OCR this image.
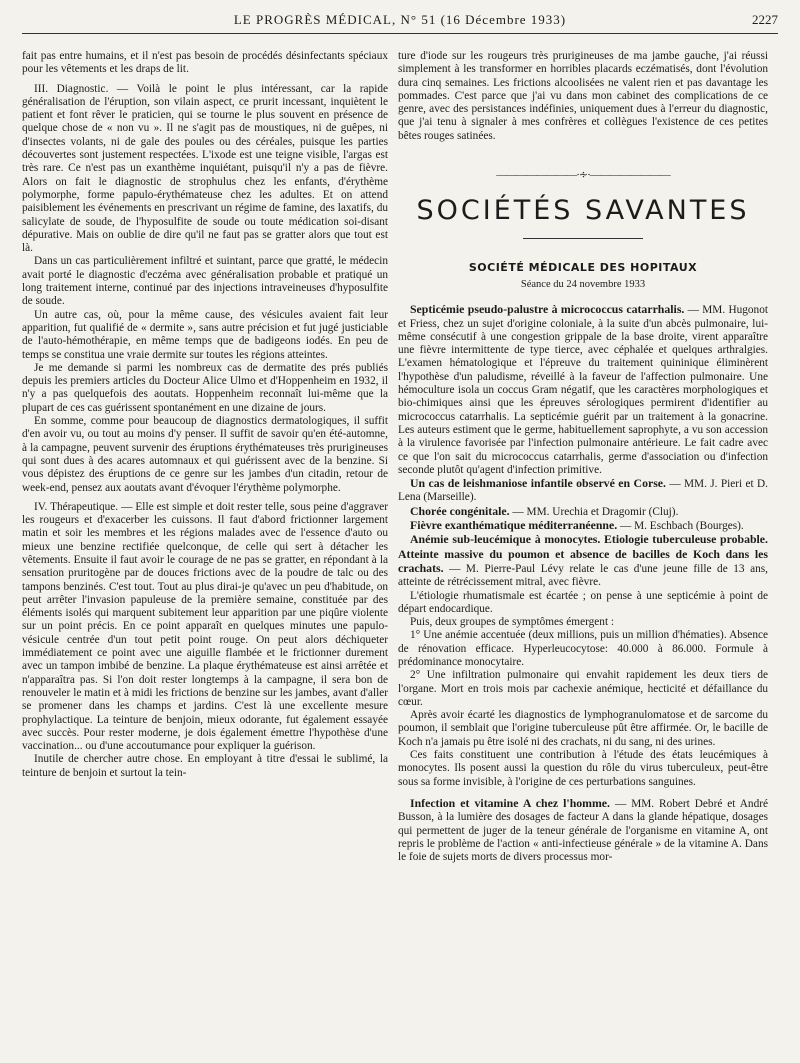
LE PROGRÈS MÉDICAL, N° 51 (16 Décembre 1933)	2227

fait pas entre humains, et il n'est pas besoin de procédés désinfectants spéciaux pour les vêtements et les draps de lit.

III. Diagnostic. — Voilà le point le plus intéressant, car la rapide généralisation de l'éruption, son vilain aspect, ce prurit incessant, inquiètent le patient et font rêver le praticien, qui se tourne le plus souvent en présence de quelque chose de « non vu ». Il ne s'agit pas de moustiques, ni de guêpes, ni d'insectes volants, ni de gale des poules ou des céréales, puisque les parties découvertes sont justement respectées. L'ixode est une teigne visible, l'argas est très rare. Ce n'est pas un exanthème inquiétant, puisqu'il n'y a pas de fièvre. Alors on fait le diagnostic de strophulus chez les enfants, d'érythème polymorphe, forme papulo-érythémateuse chez les adultes. Et on attend paisiblement les événements en prescrivant un régime de famine, des laxatifs, du salicylate de soude, de l'hyposulfite de soude ou toute médication soi-disant dépurative. Mais on oublie de dire qu'il ne faut pas se gratter alors que tout est là.

Dans un cas particulièrement infiltré et suintant, parce que gratté, le médecin avait porté le diagnostic d'eczéma avec généralisation probable et pratiqué un long traitement interne, continué par des injections intraveineuses d'hyposulfite de soude.

Un autre cas, où, pour la même cause, des vésicules avaient fait leur apparition, fut qualifié de « dermite », sans autre précision et fut jugé justiciable de l'auto-hémothérapie, en même temps que de badigeons iodés. En peu de temps se constitua une vraie dermite sur toutes les régions atteintes.

Je me demande si parmi les nombreux cas de dermatite des prés publiés depuis les premiers articles du Docteur Alice Ulmo et d'Hoppenheim en 1932, il n'y a pas quelquefois des aoutats. Hoppenheim reconnaît lui-même que la plupart de ces cas guérissent spontanément en une dizaine de jours.

En somme, comme pour beaucoup de diagnostics dermatologiques, il suffit d'en avoir vu, ou tout au moins d'y penser. Il suffit de savoir qu'en été-automne, à la campagne, peuvent survenir des éruptions érythémateuses très prurigineuses qui sont dues à des acares automnaux et qui guérissent avec de la benzine. Si vous dépistez des éruptions de ce genre sur les jambes d'un citadin, retour de week-end, pensez aux aoutats avant d'évoquer l'érythème polymorphe.

IV. Thérapeutique. — Elle est simple et doit rester telle, sous peine d'aggraver les rougeurs et d'exacerber les cuissons. Il faut d'abord frictionner largement matin et soir les membres et les régions malades avec de l'essence d'auto ou mieux une benzine rectifiée quelconque, de celle qui sert à détacher les vêtements. Ensuite il faut avoir le courage de ne pas se gratter, en répondant à la sensation pruritogène par de douces frictions avec de la poudre de talc ou des tampons benzinés. C'est tout. Tout au plus dirai-je qu'avec un peu d'habitude, on peut arrêter l'invasion papuleuse de la première semaine, constituée par des éléments isolés qui marquent subitement leur apparition par une piqûre violente sur un point précis. En ce point apparaît en quelques minutes une papulo-vésicule centrée d'un tout petit point rouge. On peut alors déchiqueter immédiatement ce point avec une aiguille flambée et le frictionner durement avec un tampon imbibé de benzine. La plaque érythémateuse est ainsi arrêtée et n'apparaîtra pas. Si l'on doit rester longtemps à la campagne, il sera bon de renouveler le matin et à midi les frictions de benzine sur les jambes, avant d'aller se promener dans les champs et jardins. C'est là une excellente mesure prophylactique. La teinture de benjoin, mieux odorante, fut également essayée avec succès. Pour rester moderne, je dois également émettre l'hypothèse d'une vaccination... ou d'une accoutumance pour expliquer la guérison.

Inutile de chercher autre chose. En employant à titre d'essai le sublimé, la teinture de benjoin et surtout la tein-

ture d'iode sur les rougeurs très prurigineuses de ma jambe gauche, j'ai réussi simplement à les transformer en horribles placards eczématisés, dont l'évolution dura cinq semaines. Les frictions alcoolisées ne valent rien et pas davantage les pommades. C'est parce que j'ai vu dans mon cabinet des complications de ce genre, avec des persistances indéfinies, uniquement dues à l'erreur du diagnostic, que j'ai tenu à signaler à mes confrères et collègues l'existence de ces petites bêtes rouges satinées.

————————·∻·————————
SOCIÉTÉS SAVANTES
SOCIÉTÉ MÉDICALE DES HOPITAUX
Séance du 24 novembre 1933

Septicémie pseudo-palustre à micrococcus catarrhalis. — MM. Hugonot et Friess, chez un sujet d'origine coloniale, à la suite d'un abcès pulmonaire, lui-même consécutif à une congestion grippale de la base droite, virent apparaître une fièvre intermittente de type tierce, avec céphalée et quelques arthralgies. L'examen hématologique et l'épreuve du traitement quininique éliminèrent l'hypothèse d'un paludisme, réveillé à la faveur de l'affection pulmonaire. Une hémoculture isola un coccus Gram négatif, que les caractères morphologiques et bio-chimiques ainsi que les épreuves sérologiques permirent d'identifier au micrococcus catarrhalis. La septicémie guérit par un traitement à la gonacrine. Les auteurs estiment que le germe, habituellement saprophyte, a vu son accession à la virulence favorisée par l'infection pulmonaire antérieure. Le fait cadre avec ce que l'on sait du micrococcus catarrhalis, germe d'association ou d'infection seconde plutôt qu'agent d'infection primitive.

Un cas de leishmaniose infantile observé en Corse. — MM. J. Pieri et D. Lena (Marseille).

Chorée congénitale. — MM. Urechia et Dragomir (Cluj).

Fièvre exanthématique méditerranéenne. — M. Eschbach (Bourges).

Anémie sub-leucémique à monocytes. Etiologie tuberculeuse probable. Atteinte massive du poumon et absence de bacilles de Koch dans les crachats. — M. Pierre-Paul Lévy relate le cas d'une jeune fille de 13 ans, atteinte de rétrécissement mitral, avec fièvre.

L'étiologie rhumatismale est écartée ; on pense à une septicémie à point de départ endocardique.

Puis, deux groupes de symptômes émergent :

1° Une anémie accentuée (deux millions, puis un million d'hématies). Absence de rénovation efficace. Hyperleucocytose: 40.000 à 86.000. Formule à prédominance monocytaire.

2° Une infiltration pulmonaire qui envahit rapidement les deux tiers de l'organe. Mort en trois mois par cachexie anémique, hecticité et défaillance du cœur.

Après avoir écarté les diagnostics de lymphogranulomatose et de sarcome du poumon, il semblait que l'origine tuberculeuse pût être affirmée. Or, le bacille de Koch n'a jamais pu être isolé ni des crachats, ni du sang, ni des urines.

Ces faits constituent une contribution à l'étude des états leucémiques à monocytes. Ils posent aussi la question du rôle du virus tuberculeux, peut-être sous sa forme invisible, à l'origine de ces perturbations sanguines.

Infection et vitamine A chez l'homme. — MM. Robert Debré et André Busson, à la lumière des dosages de facteur A dans la glande hépatique, dosages qui permettent de juger de la teneur générale de l'organisme en vitamine A, ont repris le problème de l'action « anti-infectieuse générale » de la vitamine A. Dans le foie de sujets morts de divers processus mor-
